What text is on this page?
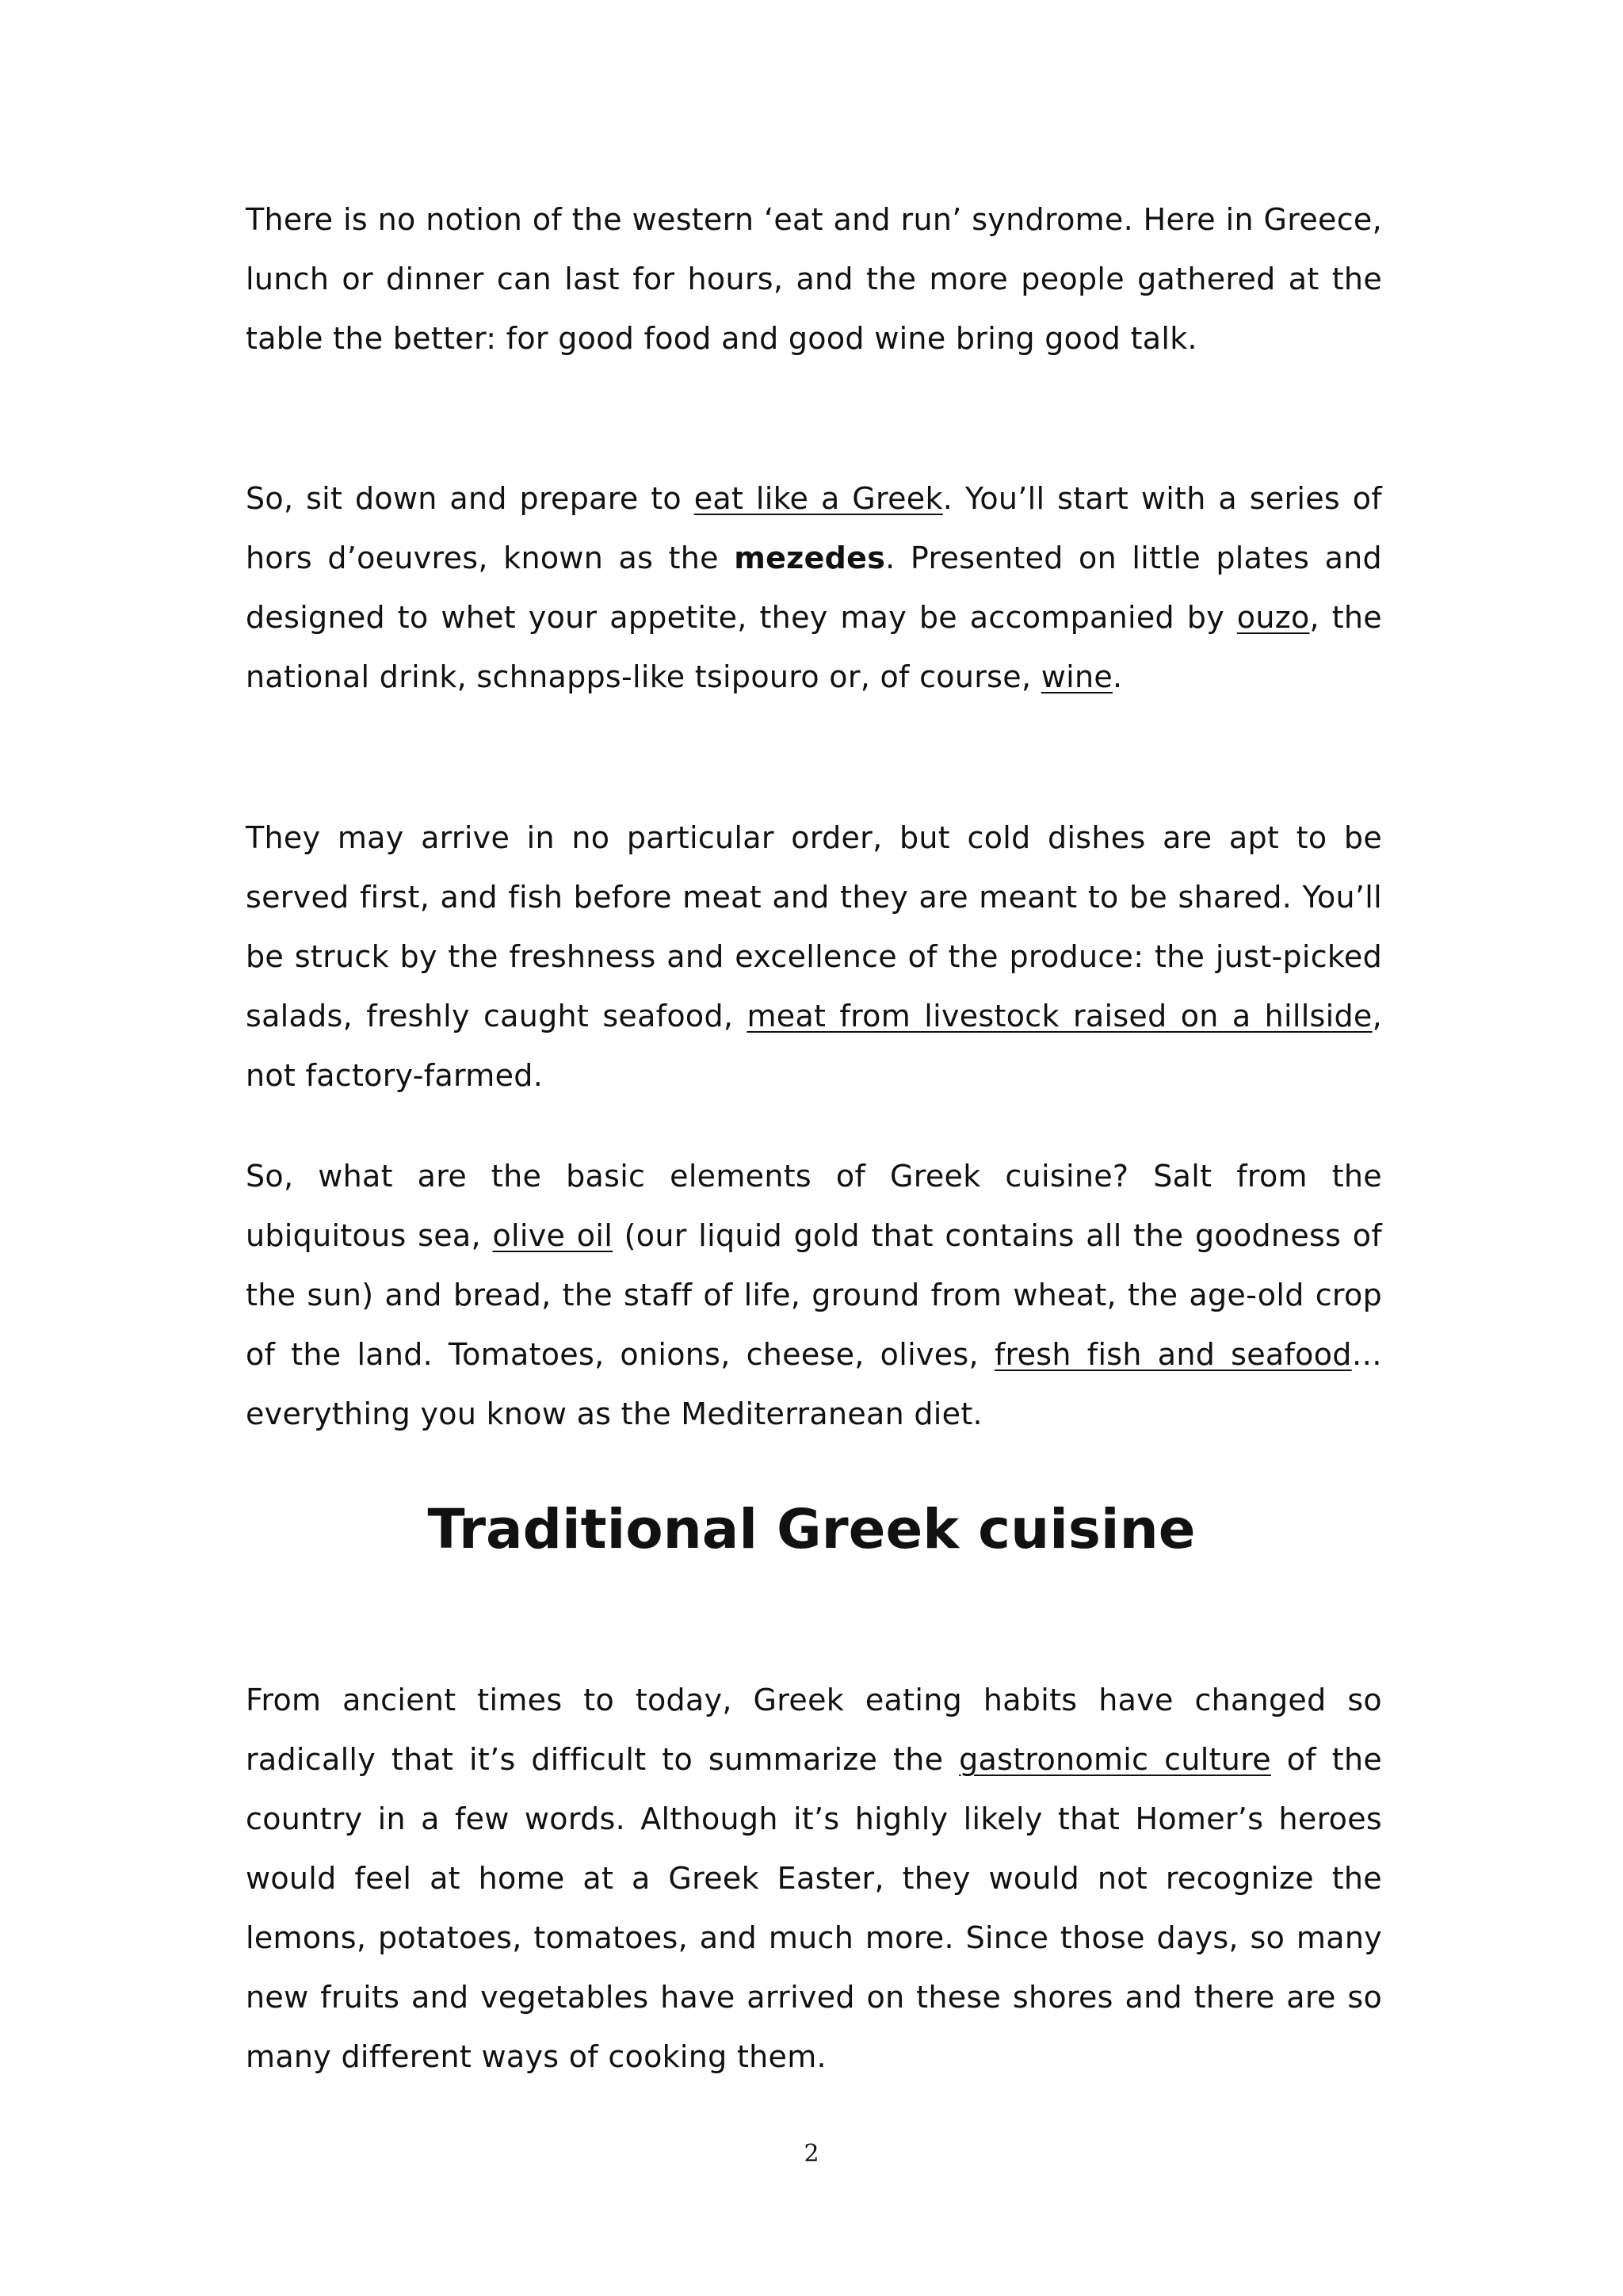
There is no notion of the western ‘eat and run’ syndrome. Here in Greece, lunch or dinner can last for hours, and the more people gathered at the table the better: for good food and good wine bring good talk.

So, sit down and prepare to eat like a Greek. You’ll start with a series of hors d’oeuvres, known as the mezedes. Presented on little plates and designed to whet your appetite, they may be accompanied by ouzo, the national drink, schnapps-like tsipouro or, of course, wine.

They may arrive in no particular order, but cold dishes are apt to be served first, and fish before meat and they are meant to be shared. You’ll be struck by the freshness and excellence of the produce: the just-picked salads, freshly caught seafood, meat from livestock raised on a hillside, not factory-farmed.

So, what are the basic elements of Greek cuisine? Salt from the ubiquitous sea, olive oil (our liquid gold that contains all the goodness of the sun) and bread, the staff of life, ground from wheat, the age-old crop of the land. Tomatoes, onions, cheese, olives, fresh fish and seafood… everything you know as the Mediterranean diet.

Traditional Greek cuisine

From ancient times to today, Greek eating habits have changed so radically that it’s difficult to summarize the gastronomic culture of the country in a few words. Although it’s highly likely that Homer’s heroes would feel at home at a Greek Easter, they would not recognize the lemons, potatoes, tomatoes, and much more. Since those days, so many new fruits and vegetables have arrived on these shores and there are so many different ways of cooking them.

2
